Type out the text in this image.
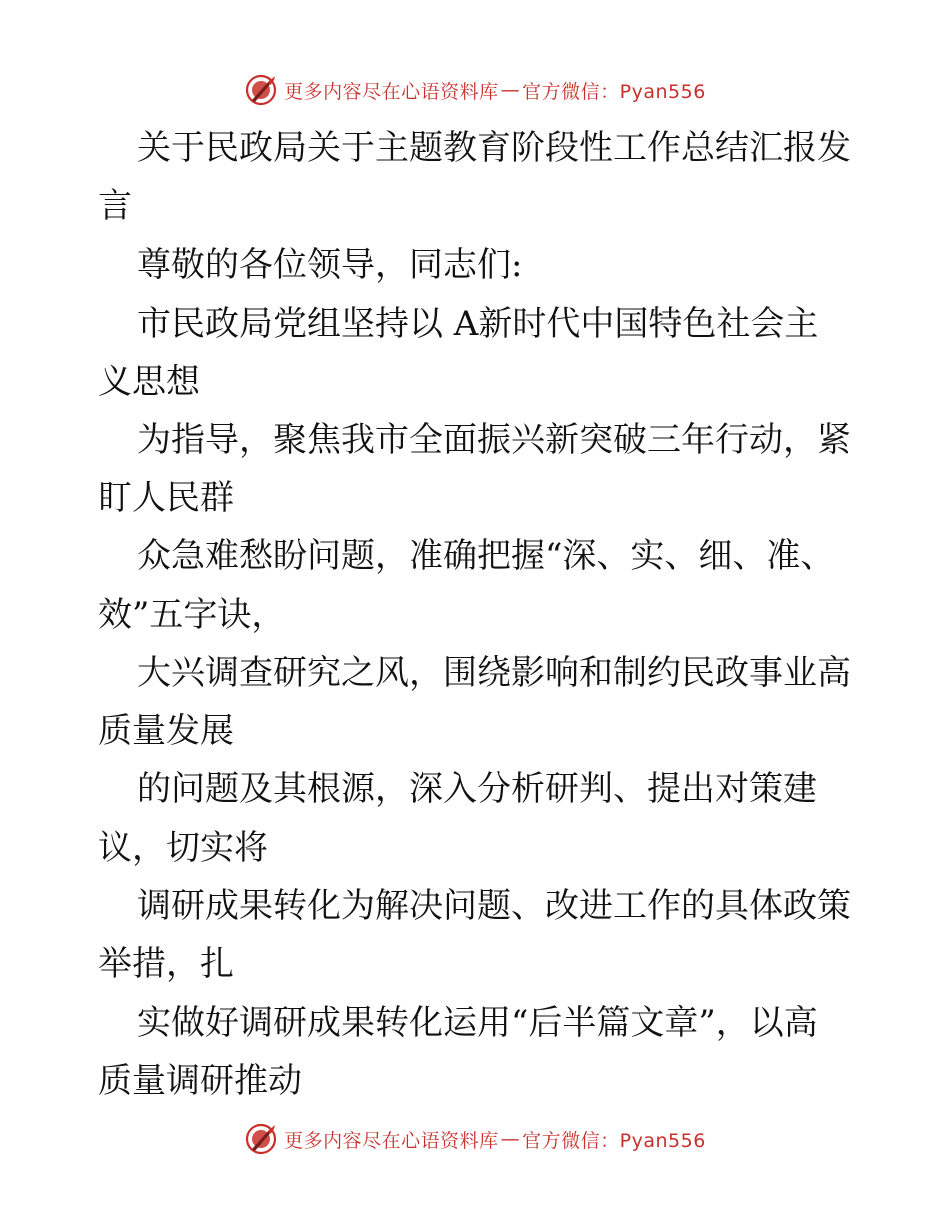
更多内容尽在心语资料库 — 官方微信：Pyan556
关于民政局关于主题教育阶段性工作总结汇报发
言
尊敬的各位领导，同志们:
市民政局党组坚持以 A新时代中国特色社会主
义思想
为指导，聚焦我市全面振兴新突破三年行动，紧
盯人民群
众急难愁盼问题，准确把握“深、实、细、准、
效”五字诀，
大兴调查研究之风，围绕影响和制约民政事业高
质量发展
的问题及其根源，深入分析研判、提出对策建
议，切实将
调研成果转化为解决问题、改进工作的具体政策
举措，扎
实做好调研成果转化运用“后半篇文章”，以高
质量调研推动
更多内容尽在心语资料库 — 官方微信：Pyan556
